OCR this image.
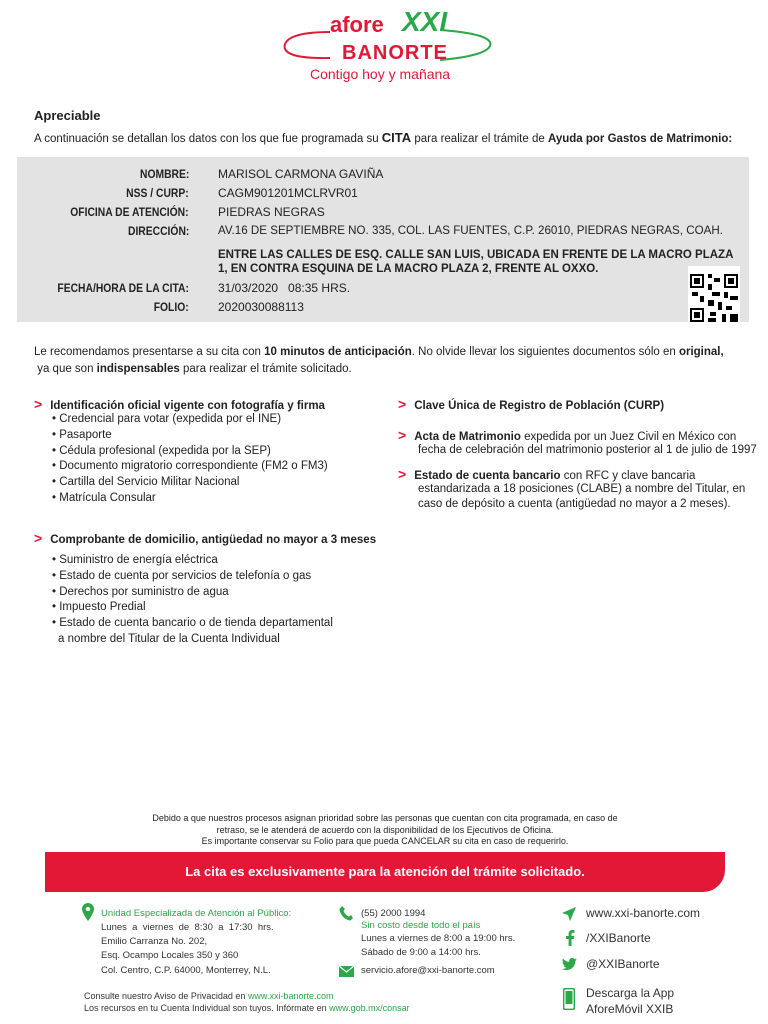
afore XXI
BANORTE
Contigo hoy y mañana
Apreciable
A continuación se detallan los datos con los que fue programada su CITA para realizar el trámite de Ayuda por Gastos de Matrimonio:
NOMBRE: MARISOL CARMONA GAVIÑA
NSS / CURP: CAGM901201MCLRVR01
OFICINA DE ATENCIÓN: PIEDRAS NEGRAS
DIRECCIÓN:	AV.16 DE SEPTIEMBRE NO. 335, COL. LAS FUENTES, C.P. 26010, PIEDRAS NEGRAS, COAH.
ENTRE LAS CALLES DE ESQ. CALLE SAN LUIS, UBICADA EN FRENTE DE LA MACRO PLAZA
1, EN CONTRA ESQUINA DE LA MACRO PLAZA 2, FRENTE AL OXXO.
FECHA/HORA DE LA CITA: 31/03/2020   08:35 HRS.
FOLIO: 2020030088113
Le recomendamos presentarse a su cita con 10 minutos de anticipación. No olvide llevar los siguientes documentos sólo en original,
ya que son indispensables para realizar el trámite solicitado.
> Identificación oficial vigente con fotografía y firma
• Credencial para votar (expedida por el INE)
• Pasaporte
• Cédula profesional (expedida por la SEP)
• Documento migratorio correspondiente (FM2 o FM3)
• Cartilla del Servicio Militar Nacional
• Matrícula Consular
> Comprobante de domicilio, antigüedad no mayor a 3 meses
• Suministro de energía eléctrica
• Estado de cuenta por servicios de telefonía o gas
• Derechos por suministro de agua
• Impuesto Predial
• Estado de cuenta bancario o de tienda departamental
a nombre del Titular de la Cuenta Individual
> Clave Única de Registro de Población (CURP)
> Acta de Matrimonio expedida por un Juez Civil en México con
fecha de celebración del matrimonio posterior al 1 de julio de 1997
> Estado de cuenta bancario con RFC y clave bancaria
estandarizada a 18 posiciones (CLABE) a nombre del Titular, en
caso de depósito a cuenta (antigüedad no mayor a 2 meses).
Debido a que nuestros procesos asignan prioridad sobre las personas que cuentan con cita programada, en caso de
retraso, se le atenderá de acuerdo con la disponibilidad de los Ejecutivos de Oficina.
Es importante conservar su Folio para que pueda CANCELAR su cita en caso de requerirlo.
La cita es exclusivamente para la atención del trámite solicitado.
Unidad Especializada de Atención al Público:
Lunes  a  viernes  de  8:30  a  17:30  hrs.
Emilio Carranza No. 202,
Esq. Ocampo Locales 350 y 360
Col. Centro, C.P. 64000, Monterrey, N.L.
(55) 2000 1994
Sin costo desde todo el país
Lunes a viernes de 8:00 a 19:00 hrs.
Sábado de 9:00 a 14:00 hrs.
servicio.afore@xxi-banorte.com
www.xxi-banorte.com
/XXIBanorte
@XXIBanorte
Descarga la App
AforeMóvil XXIB
Consulte nuestro Aviso de Privacidad en www.xxi-banorte.com
Los recursos en tu Cuenta Individual son tuyos. Infórmate en www.gob.mx/consar
